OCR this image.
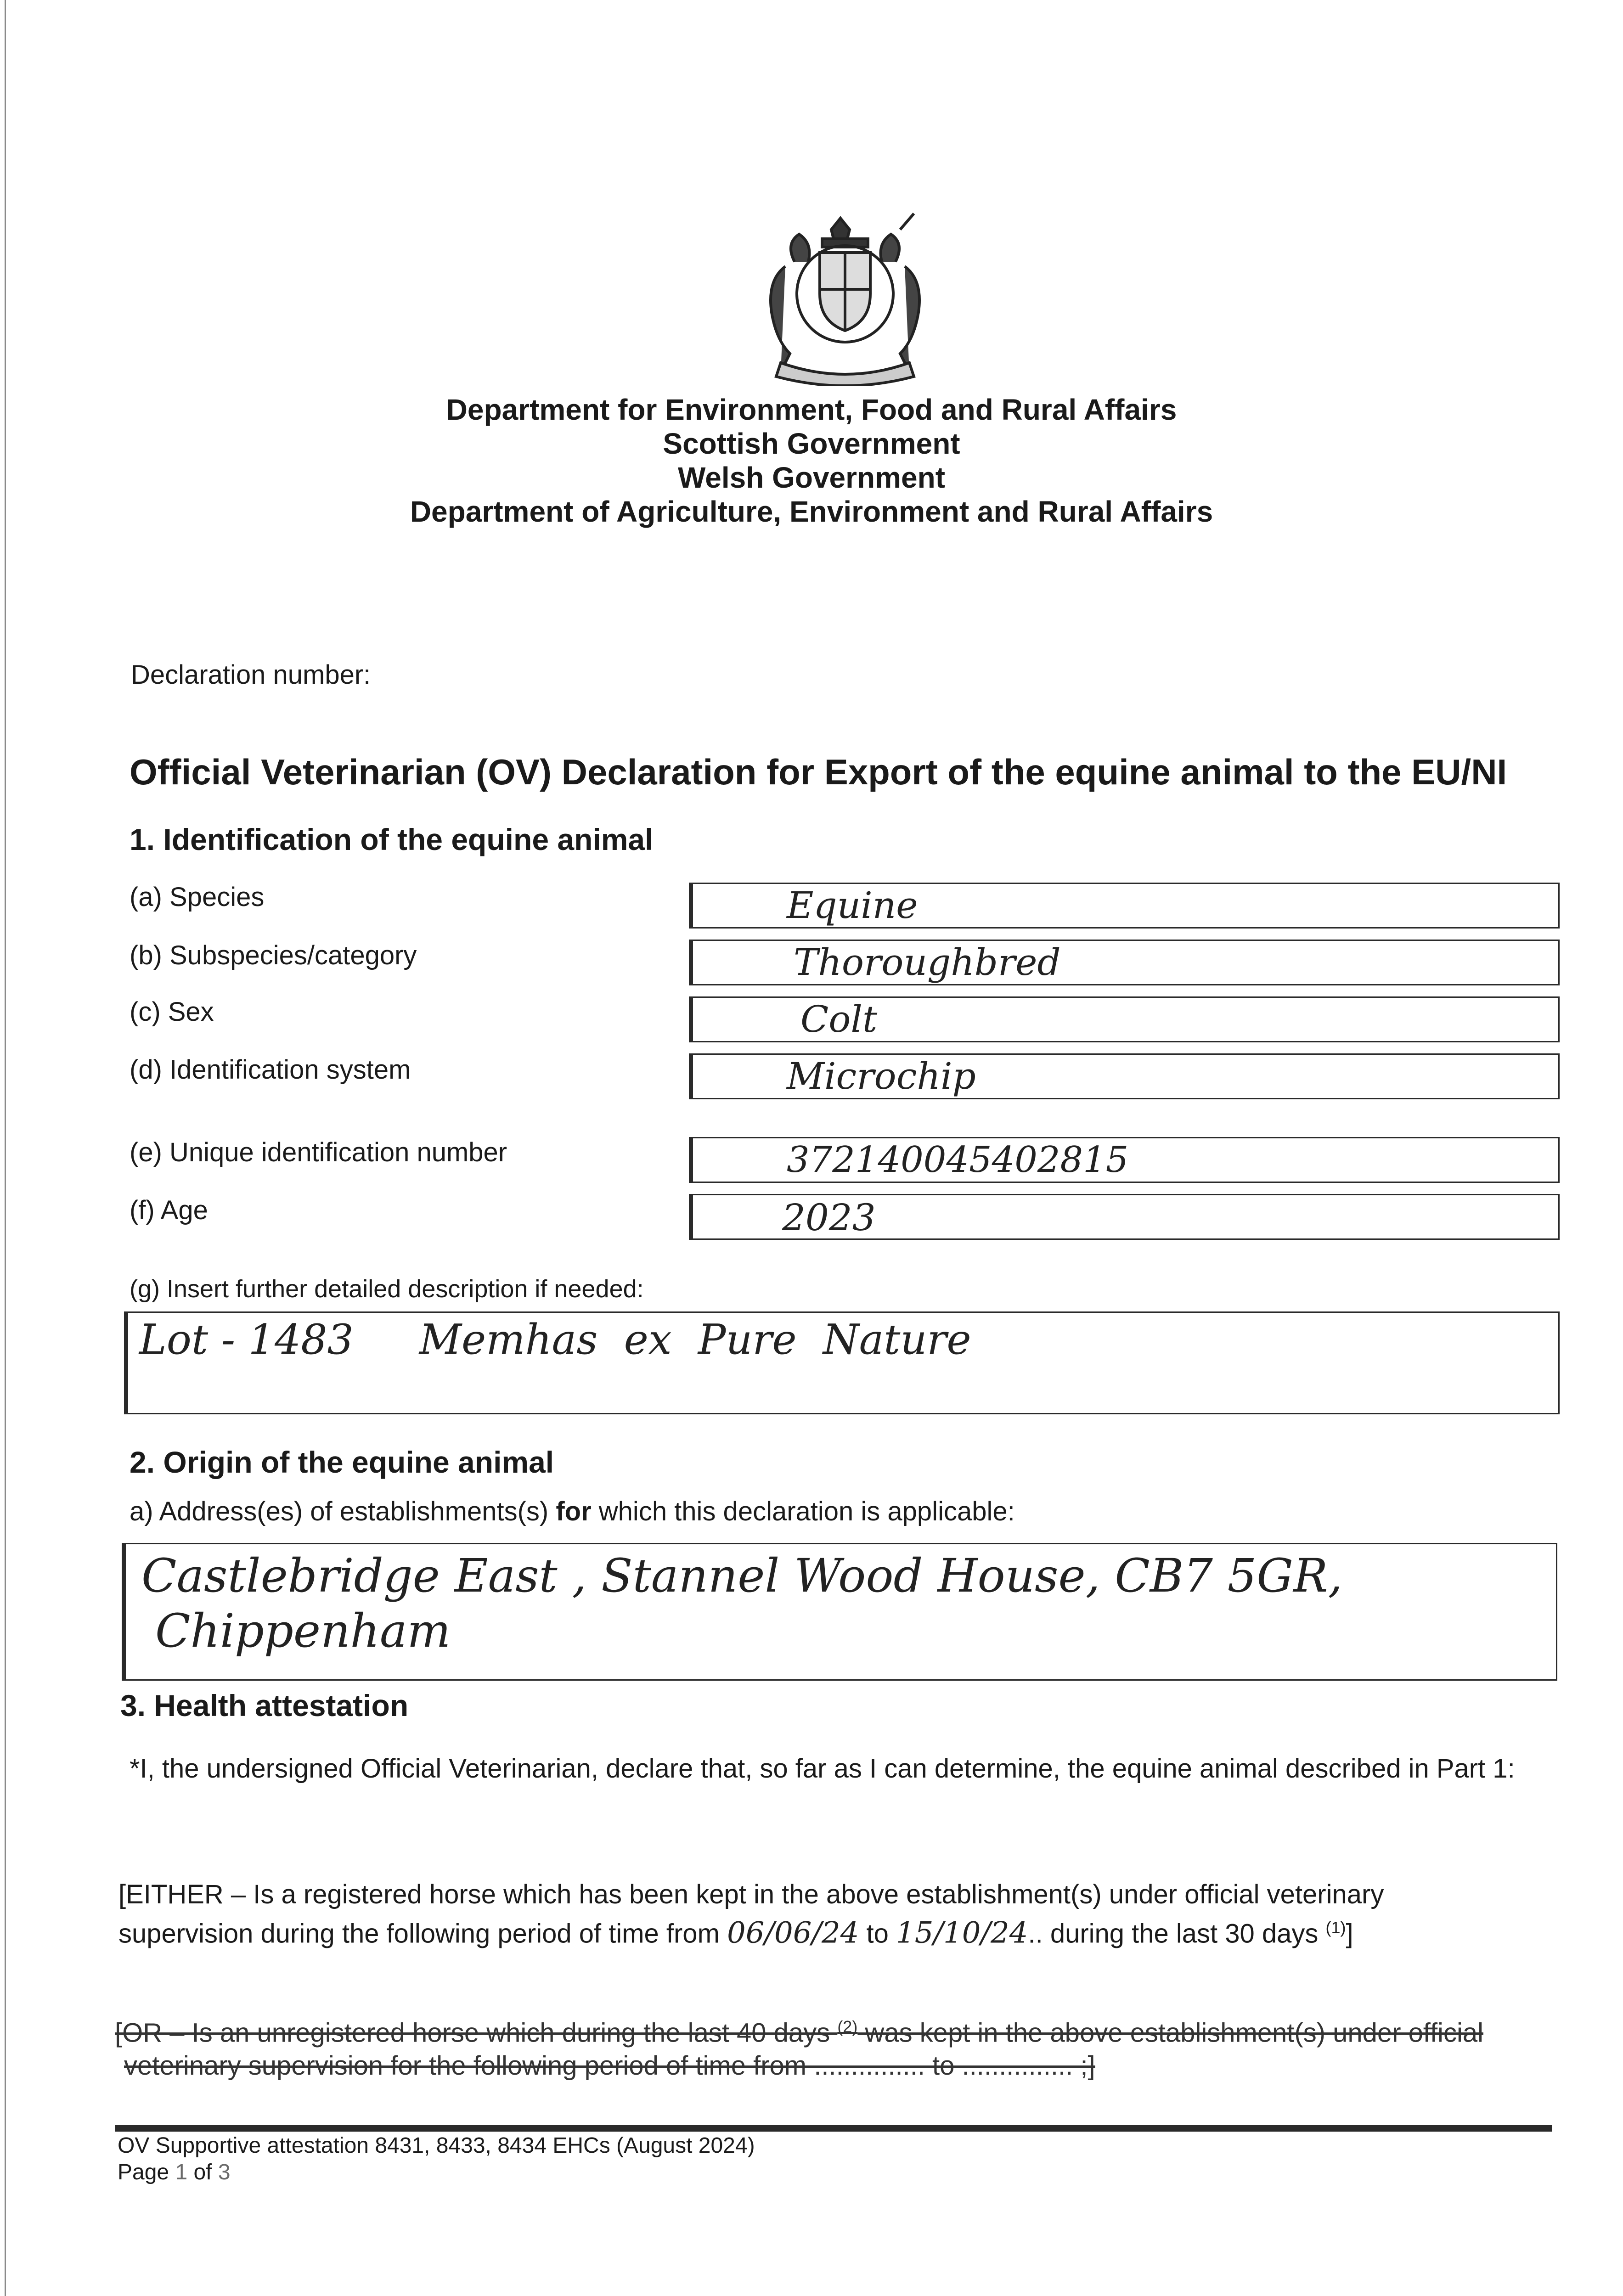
Department for Environment, Food and Rural Affairs
Scottish Government
Welsh Government
Department of Agriculture, Environment and Rural Affairs
Declaration number:
Official Veterinarian (OV) Declaration for Export of the equine animal to the EU/NI
1. Identification of the equine animal
(a) Species	Equine
(b) Subspecies/category	Thoroughbred
(c) Sex	Colt
(d) Identification system	Microchip
(e) Unique identification number	372140045402815
(f) Age	2023
(g) Insert further detailed description if needed:
Lot - 1483     Memhas  ex  Pure  Nature
2. Origin of the equine animal
a) Address(es) of establishments(s) for which this declaration is applicable:
Castlebridge East , Stannel Wood House, CB7 5GR,
Chippenham
3. Health attestation
*I, the undersigned Official Veterinarian, declare that, so far as I can determine, the equine animal described in Part 1:
[EITHER – Is a registered horse which has been kept in the above establishment(s) under official veterinary
supervision during the following period of time from 06/06/24 to 15/10/24.. during the last 30 days $^{(1)}$]
[OR – Is an unregistered horse which during the last 40 days $^{(2)}$ was kept in the above establishment(s) under official
veterinary supervision for the following period of time from ............... to ............... ;]
OV Supportive attestation 8431, 8433, 8434 EHCs (August 2024)
Page 1 of 3
